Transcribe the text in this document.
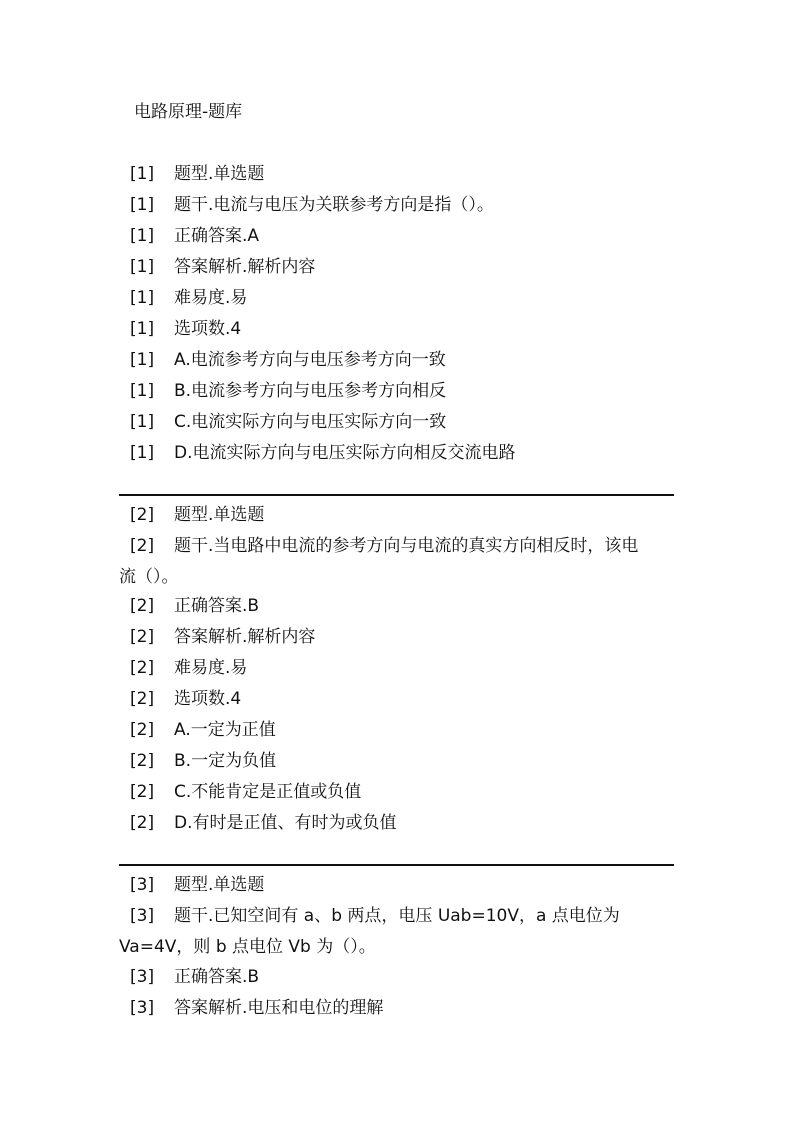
电路原理-题库
[1] 题型.单选题
[1] 题干.电流与电压为关联参考方向是指（）。
[1] 正确答案.A
[1] 答案解析.解析内容
[1] 难易度.易
[1] 选项数.4
[1] A.电流参考方向与电压参考方向一致
[1] B.电流参考方向与电压参考方向相反
[1] C.电流实际方向与电压实际方向一致
[1] D.电流实际方向与电压实际方向相反交流电路
[2] 题型.单选题
[2] 题干.当电路中电流的参考方向与电流的真实方向相反时，该电
流（）。
[2] 正确答案.B
[2] 答案解析.解析内容
[2] 难易度.易
[2] 选项数.4
[2] A.一定为正值
[2] B.一定为负值
[2] C.不能肯定是正值或负值
[2] D.有时是正值、有时为或负值
[3] 题型.单选题
[3] 题干.已知空间有 a、b 两点，电压 Uab=10V，a 点电位为
Va=4V，则 b 点电位 Vb 为（）。
[3] 正确答案.B
[3] 答案解析.电压和电位的理解
